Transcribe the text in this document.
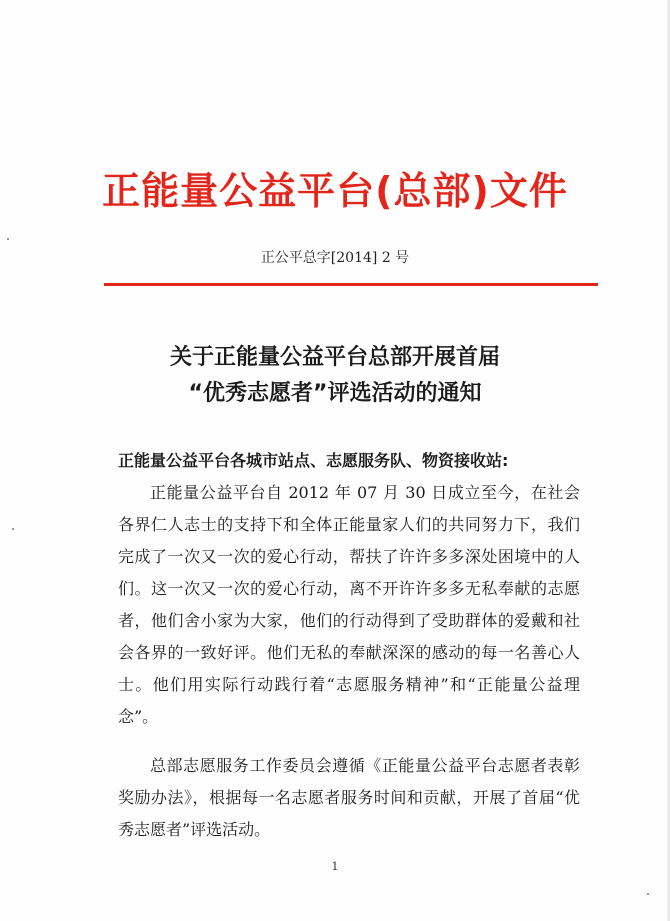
正能量公益平台(总部)文件
正公平总字[2014] 2 号
关于正能量公益平台总部开展首届
“优秀志愿者”评选活动的通知
正能量公益平台各城市站点、志愿服务队、物资接收站:
正能量公益平台自 2012 年 07 月 30 日成立至今，在社会各界仁人志士的支持下和全体正能量家人们的共同努力下，我们完成了一次又一次的爱心行动，帮扶了许许多多深处困境中的人们。这一次又一次的爱心行动，离不开许许多多无私奉献的志愿者，他们舍小家为大家，他们的行动得到了受助群体的爱戴和社会各界的一致好评。他们无私的奉献深深的感动的每一名善心人士。他们用实际行动践行着“志愿服务精神”和“正能量公益理念”。
总部志愿服务工作委员会遵循《正能量公益平台志愿者表彰奖励办法》，根据每一名志愿者服务时间和贡献，开展了首届“优秀志愿者”评选活动。
1
